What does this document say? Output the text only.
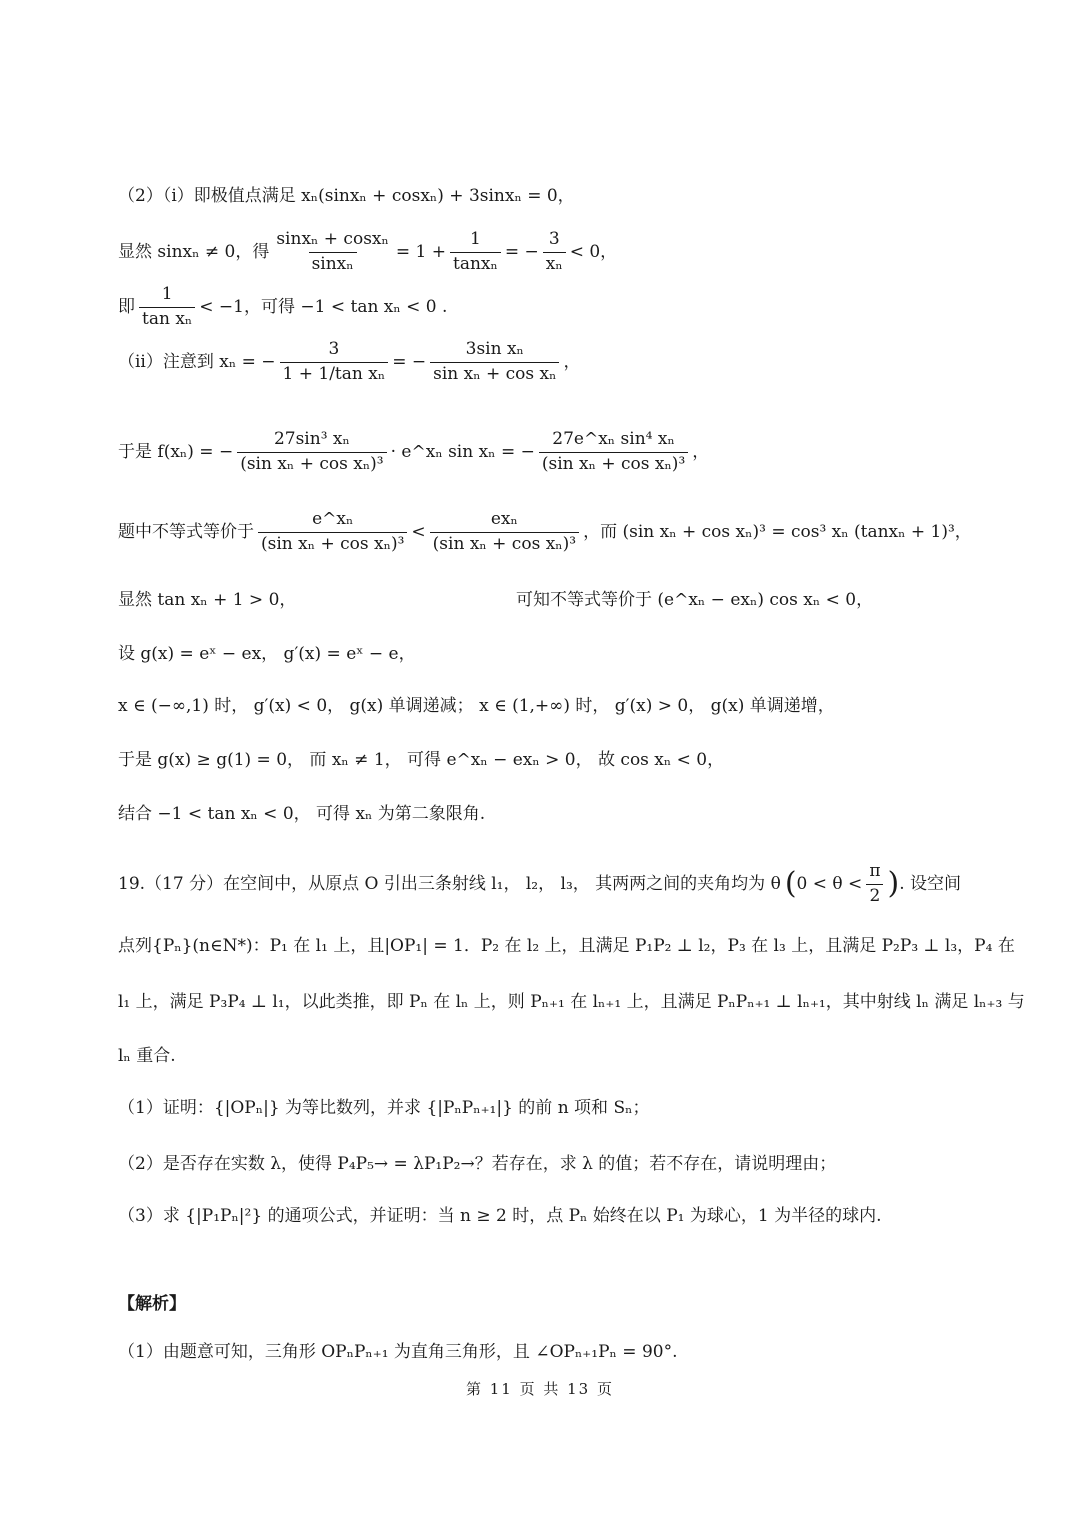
（2）（i）即极值点满足 xₙ(sinxₙ + cosxₙ) + 3sinxₙ = 0，
显然 sinxₙ ≠ 0，得 $\frac{\text{sinxₙ + cosxₙ}}{\text{sinxₙ}} = 1 + \frac{1}{\text{tanxₙ}}$ = − $\frac{3}{\text{xₙ}} < 0$，
即 $\frac{1}{\text{tan xₙ}} < -1$，可得 −1 < tan xₙ < 0 .
（ii）注意到 xₙ = − $\frac{3}{\text{1 + 1/tan xₙ}}$ = − $\frac{\text{3sin xₙ}}{\text{sin xₙ + cos xₙ}}$ ，
于是 f(xₙ) = − $\frac{\text{27sin³ xₙ}}{\text{(sin xₙ + cos xₙ)³}}$ · e^xₙ sin xₙ = − $\frac{\text{27e\textasciicircum{}xₙ sin⁴ xₙ}}{\text{(sin xₙ + cos xₙ)³}}$ ，
题中不等式等价于 $\frac{\text{e\textasciicircum{}xₙ}}{\text{(sin xₙ + cos xₙ)³}} < \frac{\text{exₙ}}{\text{(sin xₙ + cos xₙ)³}}$ ，而 (sin xₙ + cos xₙ)³ = cos³ xₙ (tanxₙ + 1)³，
显然 tan xₙ + 1 > 0，	可知不等式等价于 (e^xₙ − exₙ) cos xₙ < 0，
设 g(x) = eˣ − ex， g′(x) = eˣ − e，
x ∈ (−∞,1) 时， g′(x) < 0， g(x) 单调递减； x ∈ (1,+∞) 时， g′(x) > 0， g(x) 单调递增，
于是 g(x) ≥ g(1) = 0， 而 xₙ ≠ 1， 可得 e^xₙ − exₙ > 0， 故 cos xₙ < 0，
结合 −1 < tan xₙ < 0， 可得 xₙ 为第二象限角.
19.（17 分）在空间中，从原点 O 引出三条射线 l₁， l₂， l₃， 其两两之间的夹角均为 θ ( $0 < \theta < \frac{\pi}{2}$ ) . 设空间
点列{Pₙ}(n∈N*)：P₁ 在 l₁ 上，且|OP₁| = 1．P₂ 在 l₂ 上，且满足 P₁P₂ ⊥ l₂，P₃ 在 l₃ 上，且满足 P₂P₃ ⊥ l₃，P₄ 在
l₁ 上，满足 P₃P₄ ⊥ l₁，以此类推，即 Pₙ 在 lₙ 上，则 Pₙ₊₁ 在 lₙ₊₁ 上，且满足 PₙPₙ₊₁ ⊥ lₙ₊₁，其中射线 lₙ 满足 lₙ₊₃ 与
lₙ 重合.
（1）证明：{|OPₙ|} 为等比数列，并求 {|PₙPₙ₊₁|} 的前 n 项和 Sₙ；
（2）是否存在实数 λ，使得 P₄P₅→ = λP₁P₂→？若存在，求 λ 的值；若不存在，请说明理由；
（3）求 {|P₁Pₙ|²} 的通项公式，并证明：当 n ≥ 2 时，点 Pₙ 始终在以 P₁ 为球心，1 为半径的球内.
【解析】
（1）由题意可知，三角形 OPₙPₙ₊₁ 为直角三角形，且 ∠OPₙ₊₁Pₙ = 90°.
第 11 页 共 13 页
